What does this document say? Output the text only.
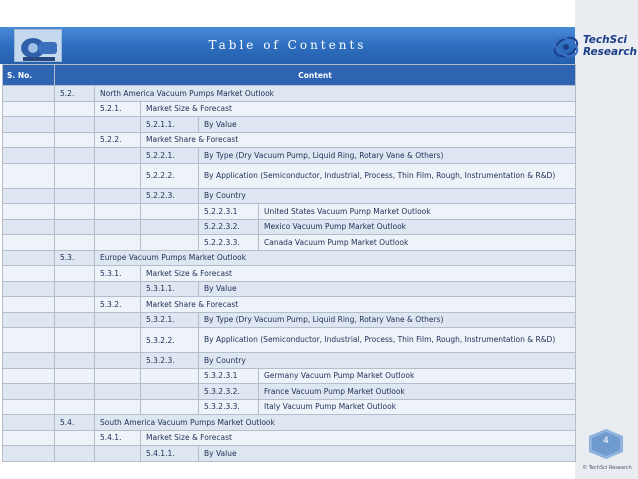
Table of Contents	TechSci
Research
S. No.	Content				
	5.2.	North America Vacuum Pumps Market Outlook			
		5.2.1.	Market Size & Forecast		
			5.2.1.1.	By Value	
		5.2.2.	Market Share & Forecast		
			5.2.2.1.	By Type (Dry Vacuum Pump, Liquid Ring, Rotary Vane & Others)	
			5.2.2.2.	By Application (Semiconductor, Industrial, Process, Thin Film, Rough, Instrumentation & R&D)	
			5.2.2.3.	By Country	
				5.2.2.3.1	United States Vacuum Pump Market Outlook
				5.2.2.3.2.	Mexico Vacuum Pump Market Outlook
				5.2.2.3.3.	Canada Vacuum Pump Market Outlook
	5.3.	Europe Vacuum Pumps Market Outlook			
		5.3.1.	Market Size & Forecast		
			5.3.1.1.	By Value	
		5.3.2.	Market Share & Forecast		
			5.3.2.1.	By Type (Dry Vacuum Pump, Liquid Ring, Rotary Vane & Others)	
			5.3.2.2.	By Application (Semiconductor, Industrial, Process, Thin Film, Rough, Instrumentation & R&D)	
			5.3.2.3.	By Country	
				5.3.2.3.1	Germany Vacuum Pump Market Outlook
				5.3.2.3.2.	France Vacuum Pump Market Outlook
				5.3.2.3.3.	Italy Vacuum Pump Market Outlook
	5.4.	South America Vacuum Pumps Market Outlook			
		5.4.1.	Market Size & Forecast		
			5.4.1.1.	By Value	
4
© TechSci Research
